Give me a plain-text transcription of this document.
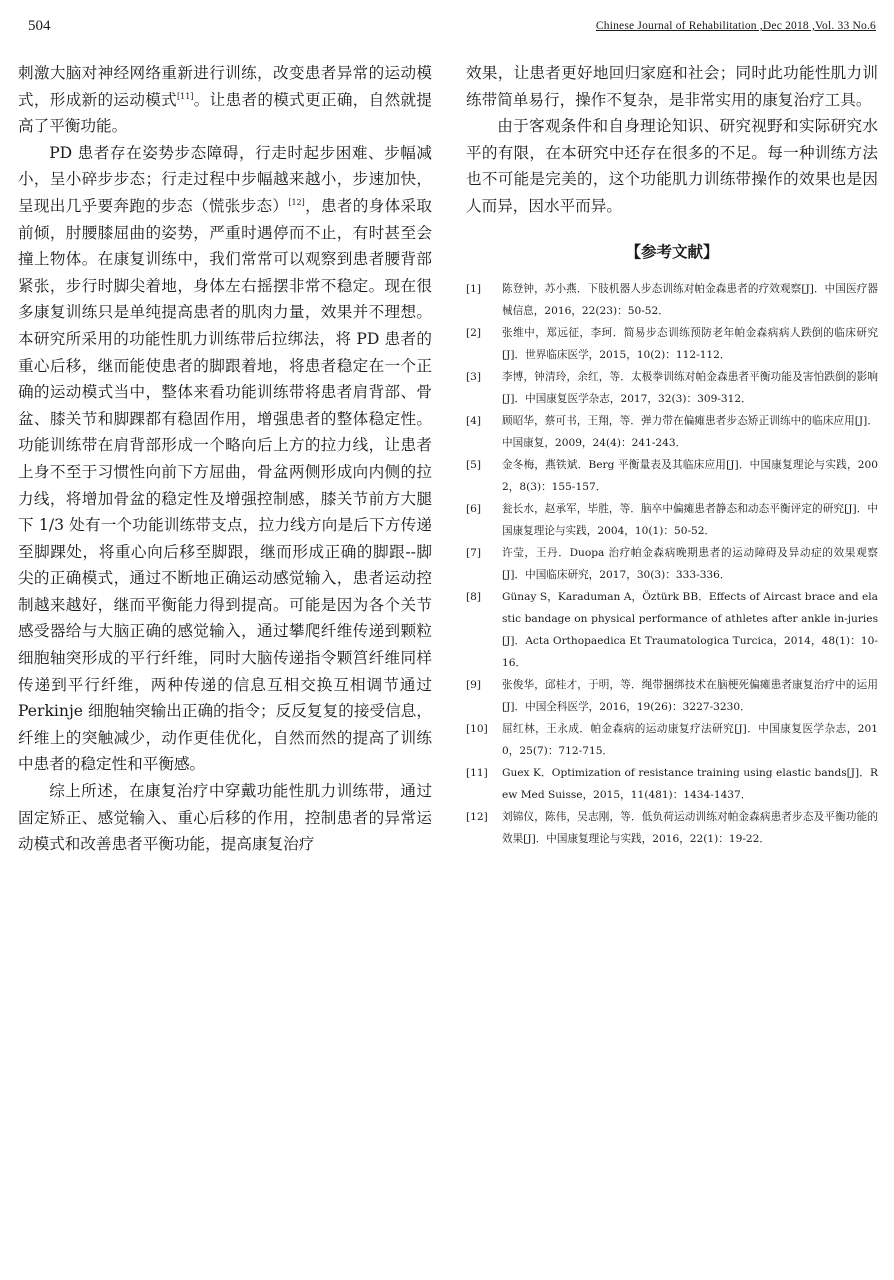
504	Chinese Journal of Rehabilitation ,Dec 2018 ,Vol. 33 No.6

刺激大脑对神经网络重新进行训练，改变患者异常的运动模式，形成新的运动模式[11]。让患者的模式更正确，自然就提高了平衡功能。

PD 患者存在姿势步态障碍，行走时起步困难、步幅减小，呈小碎步步态；行走过程中步幅越来越小，步速加快，呈现出几乎要奔跑的步态（慌张步态）[12]，患者的身体采取前倾，肘腰膝屈曲的姿势，严重时遇停而不止，有时甚至会撞上物体。在康复训练中，我们常常可以观察到患者腰背部紧张，步行时脚尖着地，身体左右摇摆非常不稳定。现在很多康复训练只是单纯提高患者的肌肉力量，效果并不理想。本研究所采用的功能性肌力训练带后拉绑法，将 PD 患者的重心后移，继而能使患者的脚跟着地，将患者稳定在一个正确的运动模式当中，整体来看功能训练带将患者肩背部、骨盆、膝关节和脚踝都有稳固作用，增强患者的整体稳定性。功能训练带在肩背部形成一个略向后上方的拉力线，让患者上身不至于习惯性向前下方屈曲，骨盆两侧形成向内侧的拉力线，将增加骨盆的稳定性及增强控制感，膝关节前方大腿下 1/3 处有一个功能训练带支点，拉力线方向是后下方传递至脚踝处，将重心向后移至脚跟，继而形成正确的脚跟--脚尖的正确模式，通过不断地正确运动感觉输入，患者运动控制越来越好，继而平衡能力得到提高。可能是因为各个关节感受器给与大脑正确的感觉输入，通过攀爬纤维传递到颗粒细胞轴突形成的平行纤维，同时大脑传递指令颗筥纤维同样传递到平行纤维，两种传递的信息互相交换互相调节通过 Perkinje 细胞轴突输出正确的指令；反反复复的接受信息，纤维上的突触减少，动作更佳优化，自然而然的提高了训练中患者的稳定性和平衡感。

综上所述，在康复治疗中穿戴功能性肌力训练带，通过固定矫正、感觉输入、重心后移的作用，控制患者的异常运动模式和改善患者平衡功能，提高康复治疗

效果，让患者更好地回归家庭和社会；同时此功能性肌力训练带简单易行，操作不复杂，是非常实用的康复治疗工具。

由于客观条件和自身理论知识、研究视野和实际研究水平的有限，在本研究中还存在很多的不足。每一种训练方法也不可能是完美的，这个功能肌力训练带操作的效果也是因人而异，因水平而异。

【参考文献】
[1]	陈登钟，苏小燕．下肢机器人步态训练对帕金森患者的疗效观察[J]．中国医疗器械信息，2016，22(23)：50-52．
[2]	张维中，郑远征，李珂．简易步态训练预防老年帕金森病病人跌倒的临床研究[J]．世界临床医学，2015，10(2)：112-112．
[3]	李博，钟清玲，余红，等．太极拳训练对帕金森患者平衡功能及害怕跌倒的影响[J]．中国康复医学杂志，2017，32(3)：309-312．
[4]	顾昭华，蔡可书，王翔，等．弹力带在偏瘫患者步态矫正训练中的临床应用[J]．中国康复，2009，24(4)：241-243．
[5]	金冬梅，燕铁斌．Berg 平衡量表及其临床应用[J]．中国康复理论与实践，2002，8(3)：155-157．
[6]	瓮长水，赵承军，毕胜，等．脑卒中偏瘫患者静态和动态平衡评定的研究[J]．中国康复理论与实践，2004，10(1)：50-52．
[7]	许莹，王丹．Duopa 治疗帕金森病晚期患者的运动障碍及异动症的效果观察[J]．中国临床研究，2017，30(3)：333-336．
[8]	Günay S，Karaduman A，Öztürk BB．Effects of Aircast brace and elastic bandage on physical performance of athletes after ankle in-juries[J]．Acta Orthopaedica Et Traumatologica Turcica，2014，48(1)：10-16．
[9]	张俊华，邱桂才，于明，等．绳带捆绑技术在脑梗死偏瘫患者康复治疗中的运用[J]．中国全科医学，2016，19(26)：3227-3230．
[10]	屈红林，王永成．帕金森病的运动康复疗法研究[J]．中国康复医学杂志，2010，25(7)：712-715．
[11]	Guex K．Optimization of resistance training using elastic bands[J]．Rew Med Suisse，2015，11(481)：1434-1437．
[12]	刘锦仪，陈伟，吴志刚，等．低负荷运动训练对帕金森病患者步态及平衡功能的效果[J]．中国康复理论与实践，2016，22(1)：19-22．
